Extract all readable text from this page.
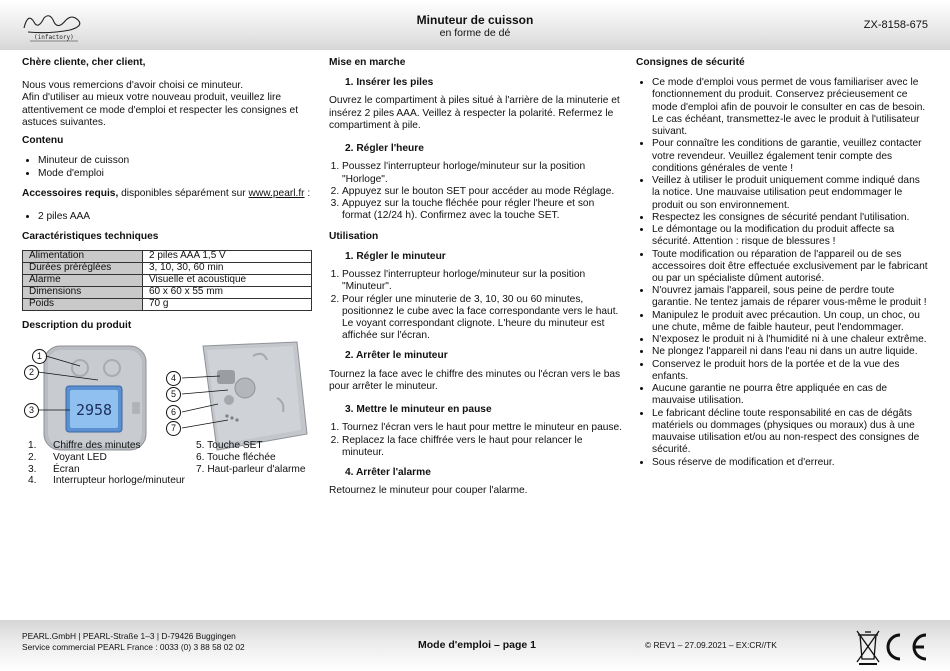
(infactory)
Minuteur de cuisson
en forme de dé
ZX-8158-675

Chère cliente, cher client,

Nous vous remercions d'avoir choisi ce minuteur.

Afin d'utiliser au mieux votre nouveau produit, veuillez lire attentivement ce mode d'emploi et respecter les consignes et astuces suivantes.

Contenu

• Minuteur de cuisson
• Mode d'emploi

Accessoires requis, disponibles séparément sur www.pearl.fr :

• 2 piles AAA

Caractéristiques techniques

Alimentation	2 piles AAA 1,5 V
Durées préréglées	3, 10, 30, 60 min
Alarme	Visuelle et acoustique
Dimensions	60 x 60 x 55 mm
Poids	70 g

Description du produit

2958
1
2
3
4
5
6
7
1. Chiffre des minutes
2. Voyant LED
3. Écran
4. Interrupteur horloge/minuteur
5. Touche SET
6. Touche fléchée
7. Haut-parleur d'alarme

Mise en marche

1. Insérer les piles

Ouvrez le compartiment à piles situé à l'arrière de la minuterie et insérez 2 piles AAA. Veillez à respecter la polarité. Refermez le compartiment à pile.

2. Régler l'heure

1. Poussez l'interrupteur horloge/minuteur sur la position "Horloge".
2. Appuyez sur le bouton SET pour accéder au mode Réglage.
3. Appuyez sur la touche fléchée pour régler l'heure et son format (12/24 h). Confirmez avec la touche SET.

Utilisation

1. Régler le minuteur

1. Poussez l'interrupteur horloge/minuteur sur la position "Minuteur".
2. Pour régler une minuterie de 3, 10, 30 ou 60 minutes, positionnez le cube avec la face correspondante vers le haut. Le voyant correspondant clignote. L'heure du minuteur est affichée sur l'écran.

2. Arrêter le minuteur

Tournez la face avec le chiffre des minutes ou l'écran vers le bas pour arrêter le minuteur.

3. Mettre le minuteur en pause

1. Tournez l'écran vers le haut pour mettre le minuteur en pause.
2. Replacez la face chiffrée vers le haut pour relancer le minuteur.

4. Arrêter l'alarme

Retournez le minuteur pour couper l'alarme.

Consignes de sécurité

• Ce mode d'emploi vous permet de vous familiariser avec le fonctionnement du produit. Conservez précieusement ce mode d'emploi afin de pouvoir le consulter en cas de besoin. Le cas échéant, transmettez-le avec le produit à l'utilisateur suivant.
• Pour connaître les conditions de garantie, veuillez contacter votre revendeur. Veuillez également tenir compte des conditions générales de vente !
• Veillez à utiliser le produit uniquement comme indiqué dans la notice. Une mauvaise utilisation peut endommager le produit ou son environnement.
• Respectez les consignes de sécurité pendant l'utilisation.
• Le démontage ou la modification du produit affecte sa sécurité. Attention : risque de blessures !
• Toute modification ou réparation de l'appareil ou de ses accessoires doit être effectuée exclusivement par le fabricant ou par un spécialiste dûment autorisé.
• N'ouvrez jamais l'appareil, sous peine de perdre toute garantie. Ne tentez jamais de réparer vous-même le produit !
• Manipulez le produit avec précaution. Un coup, un choc, ou une chute, même de faible hauteur, peut l'endommager.
• N'exposez le produit ni à l'humidité ni à une chaleur extrême.
• Ne plongez l'appareil ni dans l'eau ni dans un autre liquide.
• Conservez le produit hors de la portée et de la vue des enfants.
• Aucune garantie ne pourra être appliquée en cas de mauvaise utilisation.
• Le fabricant décline toute responsabilité en cas de dégâts matériels ou dommages (physiques ou moraux) dus à une mauvaise utilisation et/ou au non-respect des consignes de sécurité.
• Sous réserve de modification et d'erreur.
PEARL.GmbH | PEARL-Straße 1–3 | D-79426 Buggingen
Service commercial PEARL France : 0033 (0) 3 88 58 02 02	Mode d'emploi – page 1	© REV1 – 27.09.2021 – EX:CR//TK
